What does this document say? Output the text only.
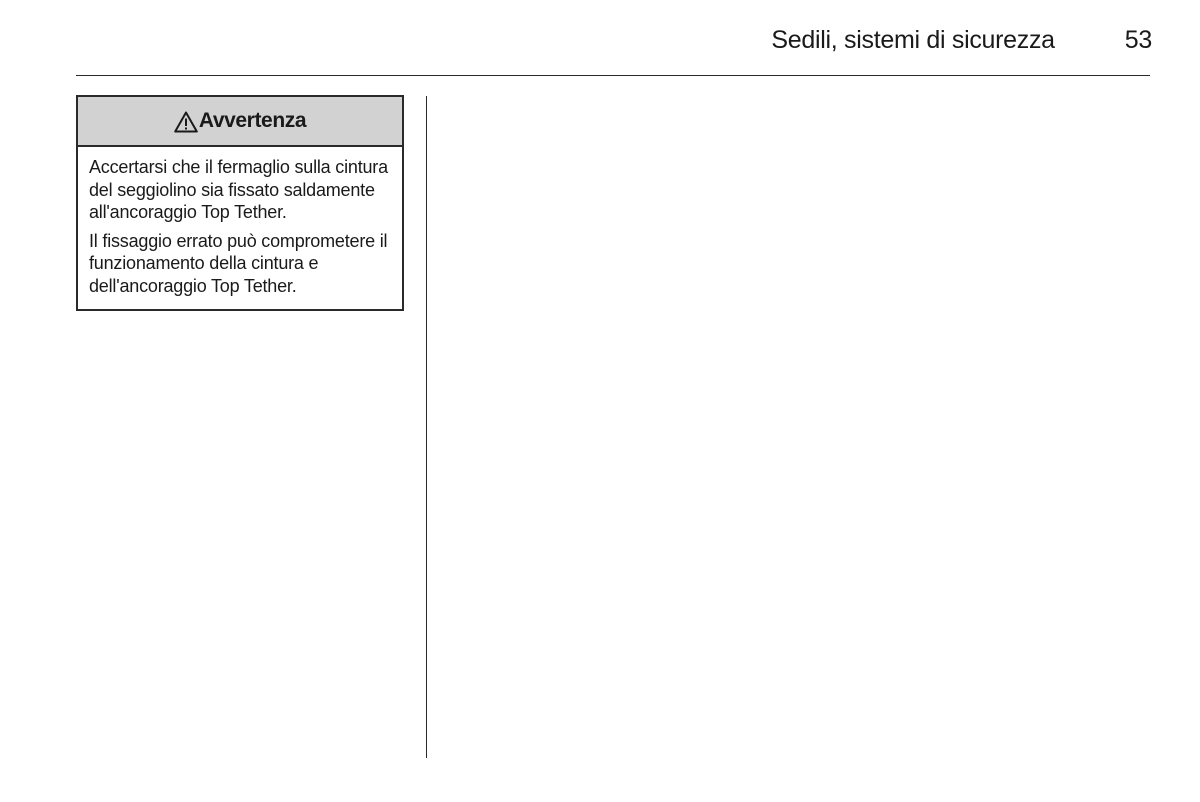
Sedili, sistemi di sicurezza	53
Avvertenza

Accertarsi che il fermaglio sulla cintura del seggiolino sia fissato saldamente all'ancoraggio Top Tether.

Il fissaggio errato può comprometere il funzionamento della cintura e dell'ancoraggio Top Tether.
